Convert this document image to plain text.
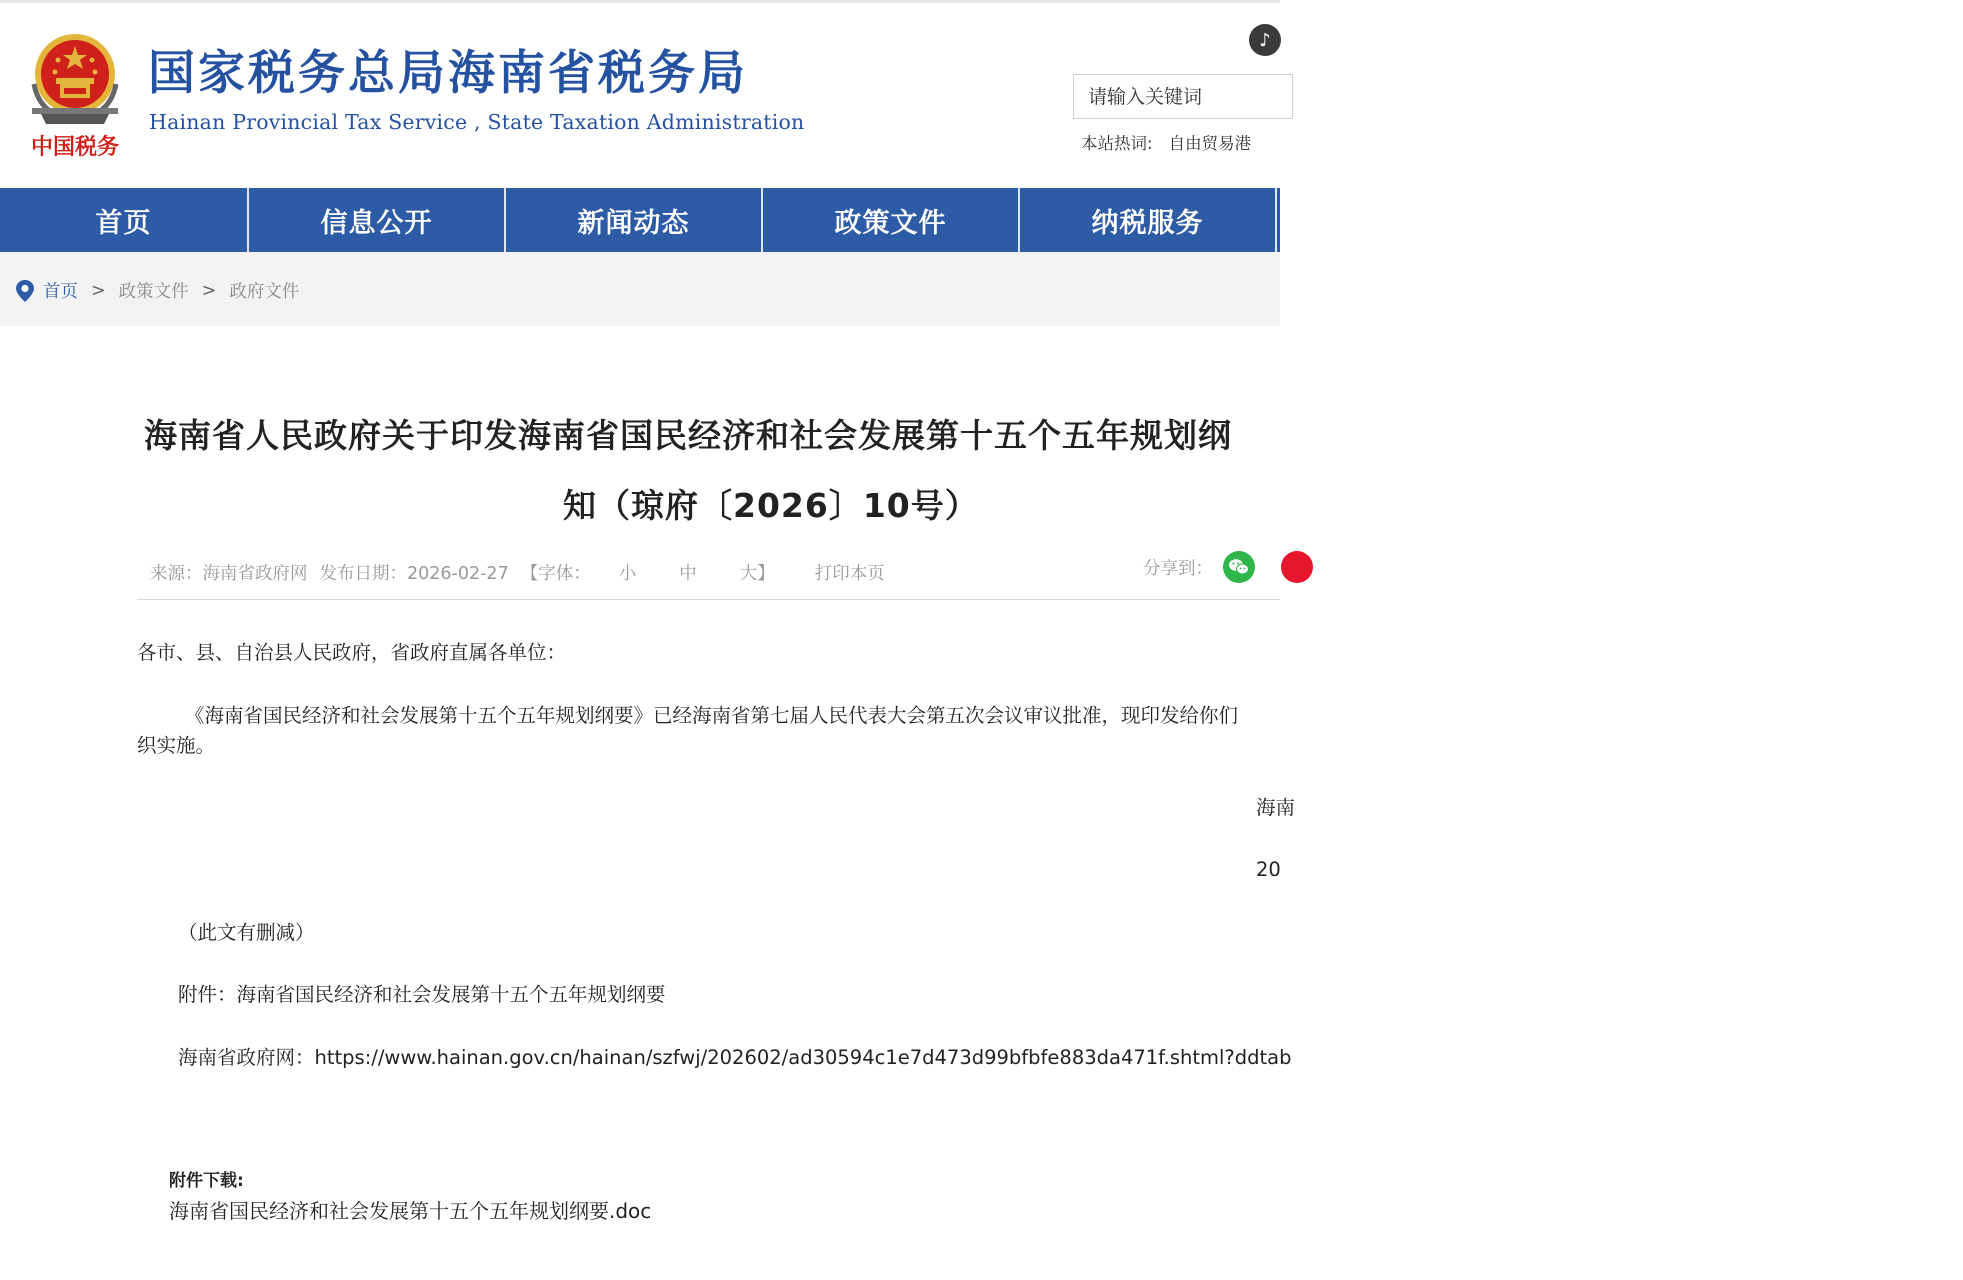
中国税务
国家税务总局海南省税务局
Hainan Provincial Tax Service , State Taxation Administration
♪
请输入关键词
本站热词: 自由贸易港
首页	信息公开	新闻动态	政策文件	纳税服务
首页 > 政策文件 > 政府文件
海南省人民政府关于印发海南省国民经济和社会发展第十五个五年规划纲
知（琼府〔2026〕10号）
来源：海南省政府网 发布日期：2026-02-27 【字体： 小 中 大】 打印本页	分享到：
各市、县、自治县人民政府，省政府直属各单位：
《海南省国民经济和社会发展第十五个五年规划纲要》已经海南省第七届人民代表大会第五次会议审议批准，现印发给你们
织实施。
海南
20
（此文有删减）
附件：海南省国民经济和社会发展第十五个五年规划纲要
海南省政府网：https://www.hainan.gov.cn/hainan/szfwj/202602/ad30594c1e7d473d99bfbfe883da471f.shtml?ddtab
附件下载:
海南省国民经济和社会发展第十五个五年规划纲要.doc
